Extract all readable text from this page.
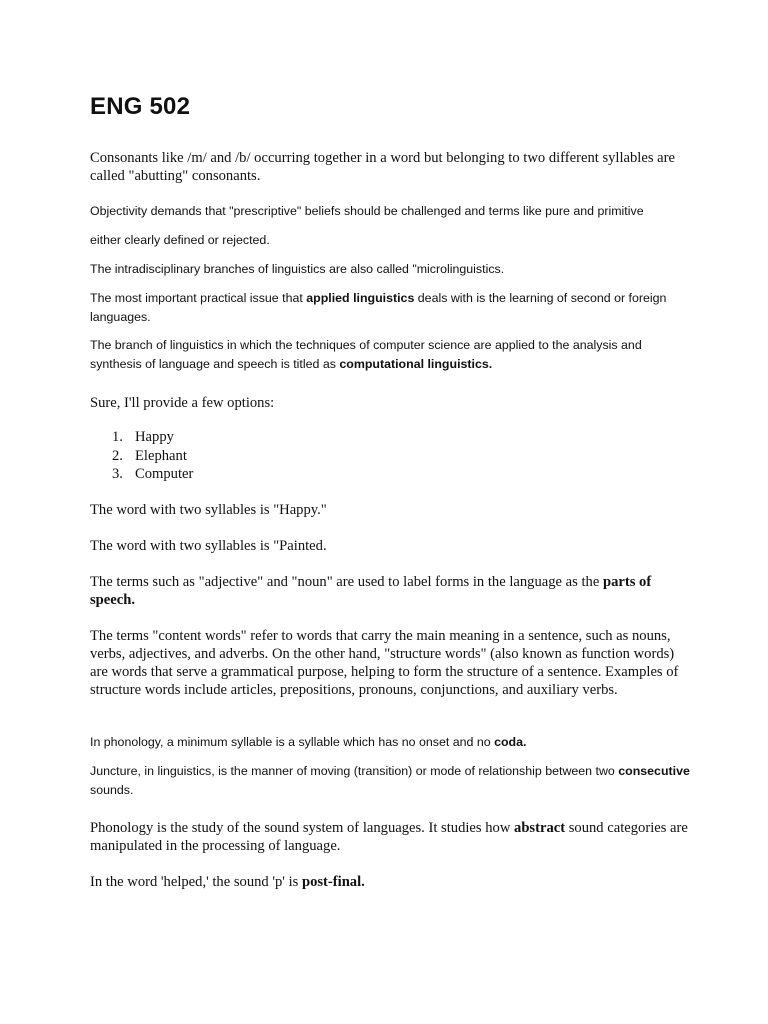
ENG 502

Consonants like /m/ and /b/ occurring together in a word but belonging to two different syllables are called "abutting" consonants.

Objectivity demands that "prescriptive" beliefs should be challenged and terms like pure and primitive

either clearly defined or rejected.

The intradisciplinary branches of linguistics are also called "microlinguistics.

The most important practical issue that applied linguistics deals with is the learning of second or foreign languages.

The branch of linguistics in which the techniques of computer science are applied to the analysis and synthesis of language and speech is titled as computational linguistics.

Sure, I'll provide a few options:

1. Happy
2. Elephant
3. Computer

The word with two syllables is "Happy."

The word with two syllables is "Painted.

The terms such as "adjective" and "noun" are used to label forms in the language as the parts of speech.

The terms "content words" refer to words that carry the main meaning in a sentence, such as nouns, verbs, adjectives, and adverbs. On the other hand, "structure words" (also known as function words) are words that serve a grammatical purpose, helping to form the structure of a sentence. Examples of structure words include articles, prepositions, pronouns, conjunctions, and auxiliary verbs.

In phonology, a minimum syllable is a syllable which has no onset and no coda.

Juncture, in linguistics, is the manner of moving (transition) or mode of relationship between two consecutive sounds.

Phonology is the study of the sound system of languages. It studies how abstract sound categories are manipulated in the processing of language.

In the word 'helped,' the sound 'p' is post-final.
